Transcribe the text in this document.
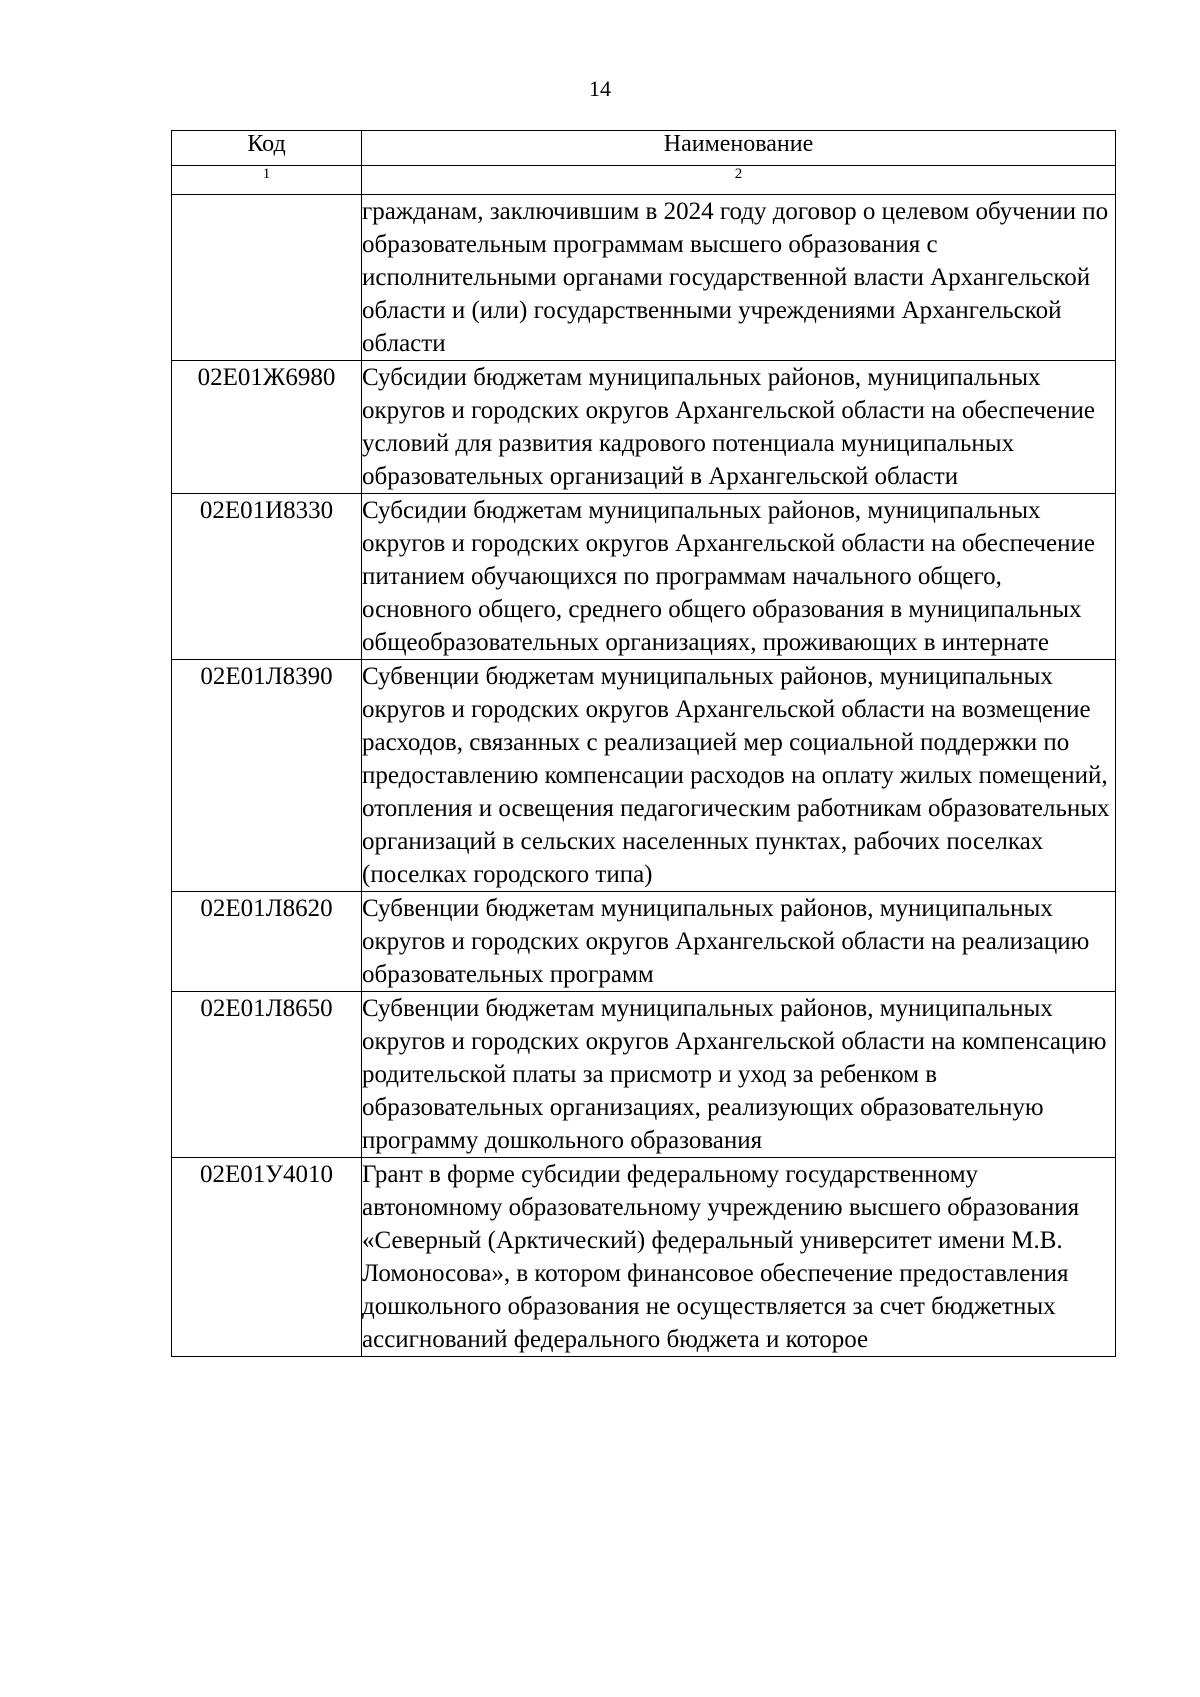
14
Код	Наименование
1	2
	гражданам, заключившим в 2024 году договор о целевом обучении по образовательным программам высшего образования с исполнительными органами государственной власти Архангельской области и (или) государственными учреждениями Архангельской области
02Е01Ж6980	Субсидии бюджетам муниципальных районов, муниципальных округов и городских округов Архангельской области на обеспечение условий для развития кадрового потенциала муниципальных образовательных организаций в Архангельской области
02Е01И8330	Субсидии бюджетам муниципальных районов, муниципальных округов и городских округов Архангельской области на обеспечение питанием обучающихся по программам начального общего, основного общего, среднего общего образования в муниципальных общеобразовательных организациях, проживающих в интернате
02Е01Л8390	Субвенции бюджетам муниципальных районов, муниципальных округов и городских округов Архангельской области на возмещение расходов, связанных с реализацией мер социальной поддержки по предоставлению компенсации расходов на оплату жилых помещений, отопления и освещения педагогическим работникам образовательных организаций в сельских населенных пунктах, рабочих поселках (поселках городского типа)
02Е01Л8620	Субвенции бюджетам муниципальных районов, муниципальных округов и городских округов Архангельской области на реализацию образовательных программ
02Е01Л8650	Субвенции бюджетам муниципальных районов, муниципальных округов и городских округов Архангельской области на компенсацию родительской платы за присмотр и уход за ребенком в образовательных организациях, реализующих образовательную программу дошкольного образования
02Е01У4010	Грант в форме субсидии федеральному государственному автономному образовательному учреждению высшего образования «Северный (Арктический) федеральный университет имени М.В. Ломоносова», в котором финансовое обеспечение предоставления дошкольного образования не осуществляется за счет бюджетных ассигнований федерального бюджета и которое
